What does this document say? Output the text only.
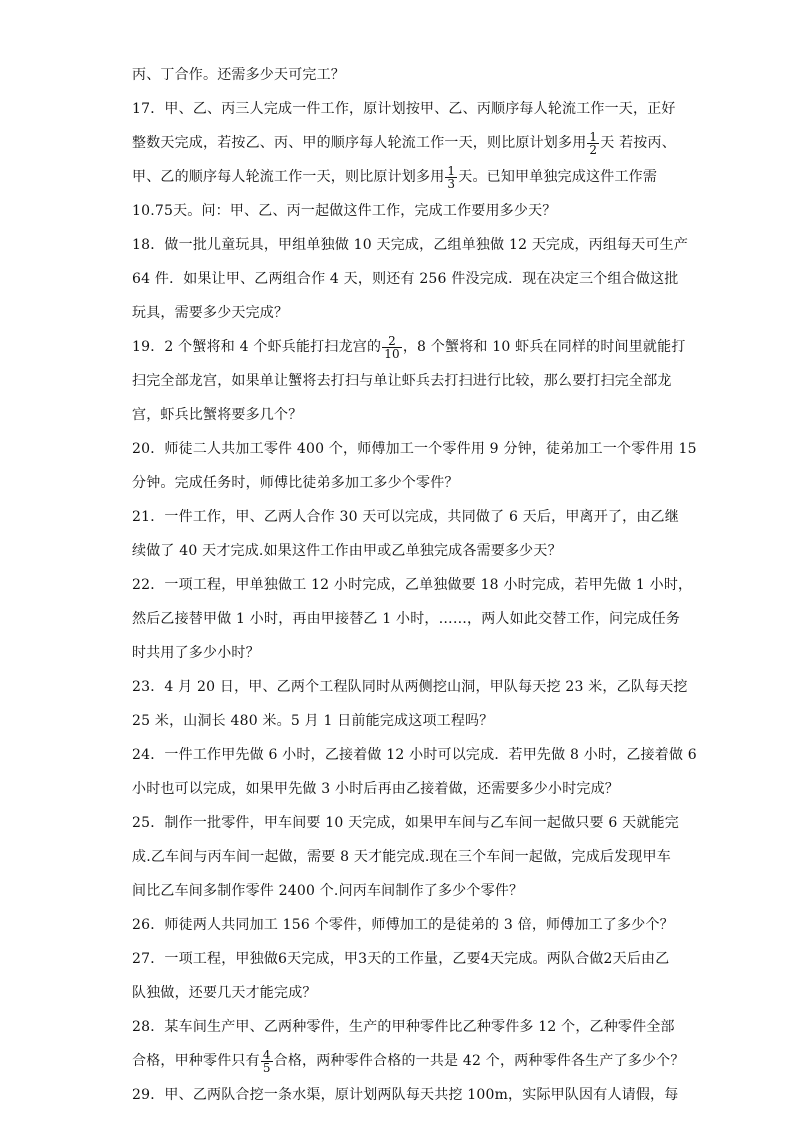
丙、丁合作。还需多少天可完工？
17．甲、乙、丙三人完成一件工作，原计划按甲、乙、丙顺序每人轮流工作一天，正好
整数天完成，若按乙、丙、甲的顺序每人轮流工作一天，则比原计划多用 $\frac{1}{2}$ 天 若按丙、
甲、乙的顺序每人轮流工作一天，则比原计划多用 $\frac{1}{3}$ 天。已知甲单独完成这件工作需
10.75天。问：甲、乙、丙一起做这件工作，完成工作要用多少天？
18．做一批儿童玩具，甲组单独做 10 天完成，乙组单独做 12 天完成，丙组每天可生产
64 件．如果让甲、乙两组合作 4 天，则还有 256 件没完成．现在决定三个组合做这批
玩具，需要多少天完成？
19．2 个蟹将和 4 个虾兵能打扫龙宫的 $\frac{2}{10}$ ，8 个蟹将和 10 虾兵在同样的时间里就能打
扫完全部龙宫，如果单让蟹将去打扫与单让虾兵去打扫进行比较，那么要打扫完全部龙
宫，虾兵比蟹将要多几个？
20．师徒二人共加工零件 400 个，师傅加工一个零件用 9 分钟，徒弟加工一个零件用 15
分钟。完成任务时，师傅比徒弟多加工多少个零件？
21．一件工作，甲、乙两人合作 30 天可以完成，共同做了 6 天后，甲离开了，由乙继
续做了 40 天才完成.如果这件工作由甲或乙单独完成各需要多少天？
22．一项工程，甲单独做工 12 小时完成，乙单独做要 18 小时完成，若甲先做 1 小时，
然后乙接替甲做 1 小时，再由甲接替乙 1 小时，……，两人如此交替工作，问完成任务
时共用了多少小时？
23．4 月 20 日，甲、乙两个工程队同时从两侧挖山洞，甲队每天挖 23 米，乙队每天挖
25 米，山洞长 480 米。5 月 1 日前能完成这项工程吗？
24．一件工作甲先做 6 小时，乙接着做 12 小时可以完成．若甲先做 8 小时，乙接着做 6
小时也可以完成，如果甲先做 3 小时后再由乙接着做，还需要多少小时完成？
25．制作一批零件，甲车间要 10 天完成，如果甲车间与乙车间一起做只要 6 天就能完
成.乙车间与丙车间一起做，需要 8 天才能完成.现在三个车间一起做，完成后发现甲车
间比乙车间多制作零件 2400 个.问丙车间制作了多少个零件？
26．师徒两人共同加工 156 个零件，师傅加工的是徒弟的 3 倍，师傅加工了多少个？
27．一项工程，甲独做6天完成，甲3天的工作量，乙要4天完成。两队合做2天后由乙
队独做，还要几天才能完成？
28．某车间生产甲、乙两种零件，生产的甲种零件比乙种零件多 12 个，乙种零件全部
合格，甲种零件只有 $\frac{4}{5}$ 合格，两种零件合格的一共是 42 个，两种零件各生产了多少个？
29．甲、乙两队合挖一条水渠，原计划两队每天共挖 100m，实际甲队因有人请假，每
